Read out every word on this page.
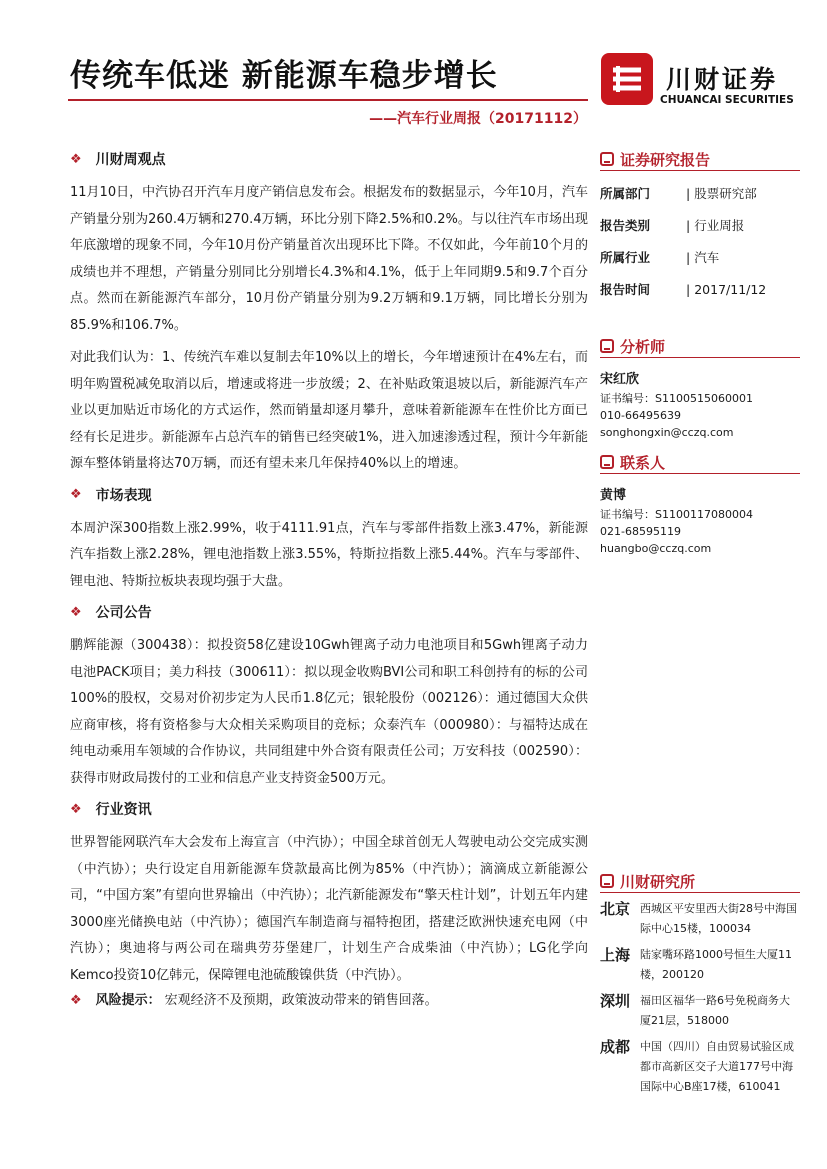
传统车低迷 新能源车稳步增长
——汽车行业周报（20171112）
川财证券
CHUANCAI SECURITIES
❖ 川财周观点

11月10日，中汽协召开汽车月度产销信息发布会。根据发布的数据显示，今年10月，汽车产销量分别为260.4万辆和270.4万辆，环比分别下降2.5%和0.2%。与以往汽车市场出现年底激增的现象不同，今年10月份产销量首次出现环比下降。不仅如此，今年前10个月的成绩也并不理想，产销量分别同比分别增长4.3%和4.1%，低于上年同期9.5和9.7个百分点。然而在新能源汽车部分，10月份产销量分别为9.2万辆和9.1万辆，同比增长分别为85.9%和106.7%。

对此我们认为：1、传统汽车难以复制去年10%以上的增长，今年增速预计在4%左右，而明年购置税减免取消以后，增速或将进一步放缓；2、在补贴政策退坡以后，新能源汽车产业以更加贴近市场化的方式运作，然而销量却逐月攀升，意味着新能源车在性价比方面已经有长足进步。新能源车占总汽车的销售已经突破1%，进入加速渗透过程，预计今年新能源车整体销量将达70万辆，而还有望未来几年保持40%以上的增速。

❖ 市场表现

本周沪深300指数上涨2.99%，收于4111.91点，汽车与零部件指数上涨3.47%，新能源汽车指数上涨2.28%，锂电池指数上涨3.55%，特斯拉指数上涨5.44%。汽车与零部件、锂电池、特斯拉板块表现均强于大盘。

❖ 公司公告

鹏辉能源（300438）：拟投资58亿建设10Gwh锂离子动力电池项目和5Gwh锂离子动力电池PACK项目；美力科技（300611）：拟以现金收购BVI公司和职工科创持有的标的公司100%的股权，交易对价初步定为人民币1.8亿元；银轮股份（002126）：通过德国大众供应商审核，将有资格参与大众相关采购项目的竞标；众泰汽车（000980）：与福特达成在纯电动乘用车领域的合作协议，共同组建中外合资有限责任公司；万安科技（002590）：获得市财政局拨付的工业和信息产业支持资金500万元。

❖ 行业资讯

世界智能网联汽车大会发布上海宣言（中汽协）；中国全球首创无人驾驶电动公交完成实测（中汽协）；央行设定自用新能源车贷款最高比例为85%（中汽协）；滴滴成立新能源公司，“中国方案”有望向世界输出（中汽协）；北汽新能源发布“擎天柱计划”，计划五年内建3000座光储换电站（中汽协）；德国汽车制造商与福特抱团，搭建泛欧洲快速充电网（中汽协）；奥迪将与两公司在瑞典劳芬堡建厂，计划生产合成柴油（中汽协）；LG化学向Kemco投资10亿韩元，保障锂电池硫酸镍供货（中汽协）。

❖ 风险提示： 宏观经济不及预期，政策波动带来的销售回落。
证券研究报告
所属部门	| 股票研究部
报告类别	| 行业周报
所属行业	| 汽车
报告时间	| 2017/11/12
分析师
宋红欣
证书编号：S1100515060001
010-66495639
songhongxin@cczq.com
联系人
黄博
证书编号：S1100117080004
021-68595119
huangbo@cczq.com
川财研究所
北京 西城区平安里西大街28号中海国际中心15楼，100034
上海 陆家嘴环路1000号恒生大厦11楼，200120
深圳 福田区福华一路6号免税商务大厦21层，518000
成都 中国（四川）自由贸易试验区成都市高新区交子大道177号中海国际中心B座17楼，610041
